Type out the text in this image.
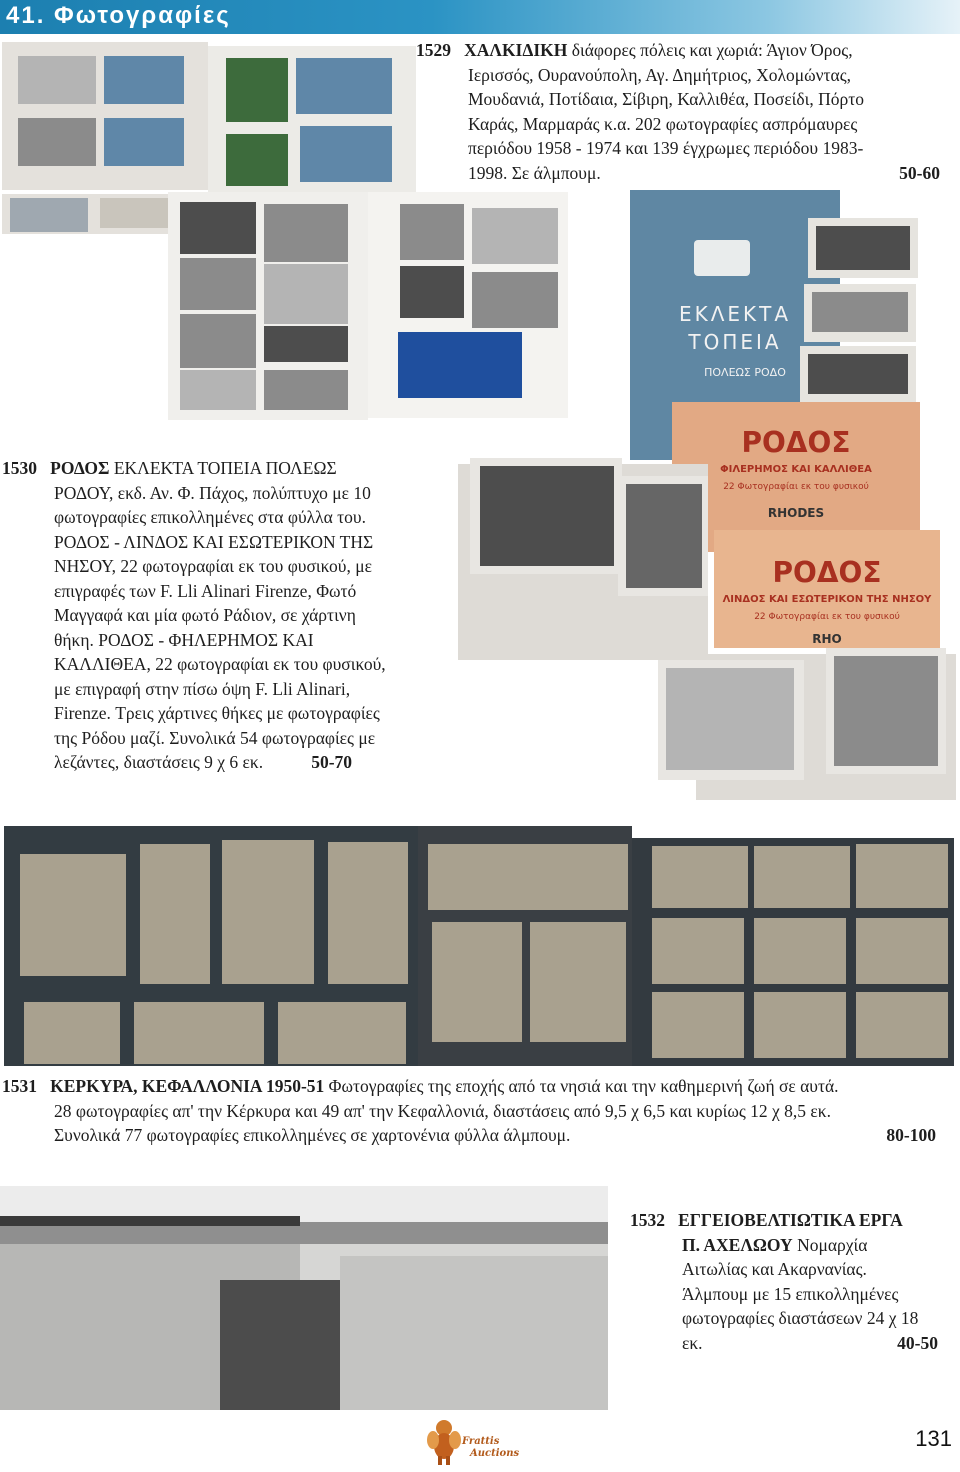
41. Φωτογραφίες
1529 ΧΑΛΚΙΔΙΚΗ διάφορες πόλεις και χωριά: Άγιον Όρος,
Ιερισσός, Ουρανούπολη, Αγ. Δημήτριος, Χολομώντας,
Μουδανιά, Ποτίδαια, Σίβιρη, Καλλιθέα, Ποσείδι, Πόρτο
Καράς, Μαρμαράς κ.α. 202 φωτογραφίες ασπρόμαυρες
περιόδου 1958 - 1974 και 139 έγχρωμες περιόδου 1983-
1998. Σε άλμπουμ.	50-60
ΕΚΛΕΚΤΑ
ΤΟΠΕΙΑ
ΠΟΛΕΩΣ ΡΟΔΟ
ΡΟΔΟΣ
ΦΙΛΕΡΗΜΟΣ ΚΑΙ ΚΑΛΛΙΘΕΑ
22 Φωτογραφίαι εκ του φυσικού
RHODES
ΡΟΔΟΣ
ΛΙΝΔΟΣ ΚΑΙ ΕΣΩΤΕΡΙΚΟΝ ΤΗΣ ΝΗΣΟΥ
22 Φωτογραφίαι εκ του φυσικού
RHO
1530 ΡΟΔΟΣ ΕΚΛΕΚΤΑ ΤΟΠΕΙΑ ΠΟΛΕΩΣ
ΡΟΔΟΥ, εκδ. Αν. Φ. Πάχος, πολύπτυχο με 10
φωτογραφίες επικολλημένες στα φύλλα του.
ΡΟΔΟΣ - ΛΙΝΔΟΣ ΚΑΙ ΕΣΩΤΕΡΙΚΟΝ ΤΗΣ
ΝΗΣΟΥ, 22 φωτογραφίαι εκ του φυσικού, με
επιγραφές των F. Lli Alinari Firenze, Φωτό
Μαγγαφά και μία φωτό Ράδιον, σε χάρτινη
θήκη. ΡΟΔΟΣ - ΦΗΛΕΡΗΜΟΣ ΚΑΙ
ΚΑΛΛΙΘΕΑ, 22 φωτογραφίαι εκ του φυσικού,
με επιγραφή στην πίσω όψη F. Lli Alinari,
Firenze. Τρεις χάρτινες θήκες με φωτογραφίες
της Ρόδου μαζί. Συνολικά 54 φωτογραφίες με
λεζάντες, διαστάσεις 9 χ 6 εκ.	50-70
1531 ΚΕΡΚΥΡΑ, ΚΕΦΑΛΛΟΝΙΑ 1950-51 Φωτογραφίες της εποχής από τα νησιά και την καθημερινή ζωή σε αυτά.
28 φωτογραφίες απ' την Κέρκυρα και 49 απ' την Κεφαλλονιά, διαστάσεις από 9,5 χ 6,5 και κυρίως 12 χ 8,5 εκ.
Συνολικά 77 φωτογραφίες επικολλημένες σε χαρτονένια φύλλα άλμπουμ.	80-100
1532 ΕΓΓΕΙΟΒΕΛΤΙΩΤΙΚΑ ΕΡΓΑ
Π. ΑΧΕΛΩΟΥ Νομαρχία
Αιτωλίας και Ακαρνανίας.
Άλμπουμ με 15 επικολλημένες
φωτογραφίες διαστάσεων 24 χ 18
εκ.	40-50
Frattis
Auctions
131
